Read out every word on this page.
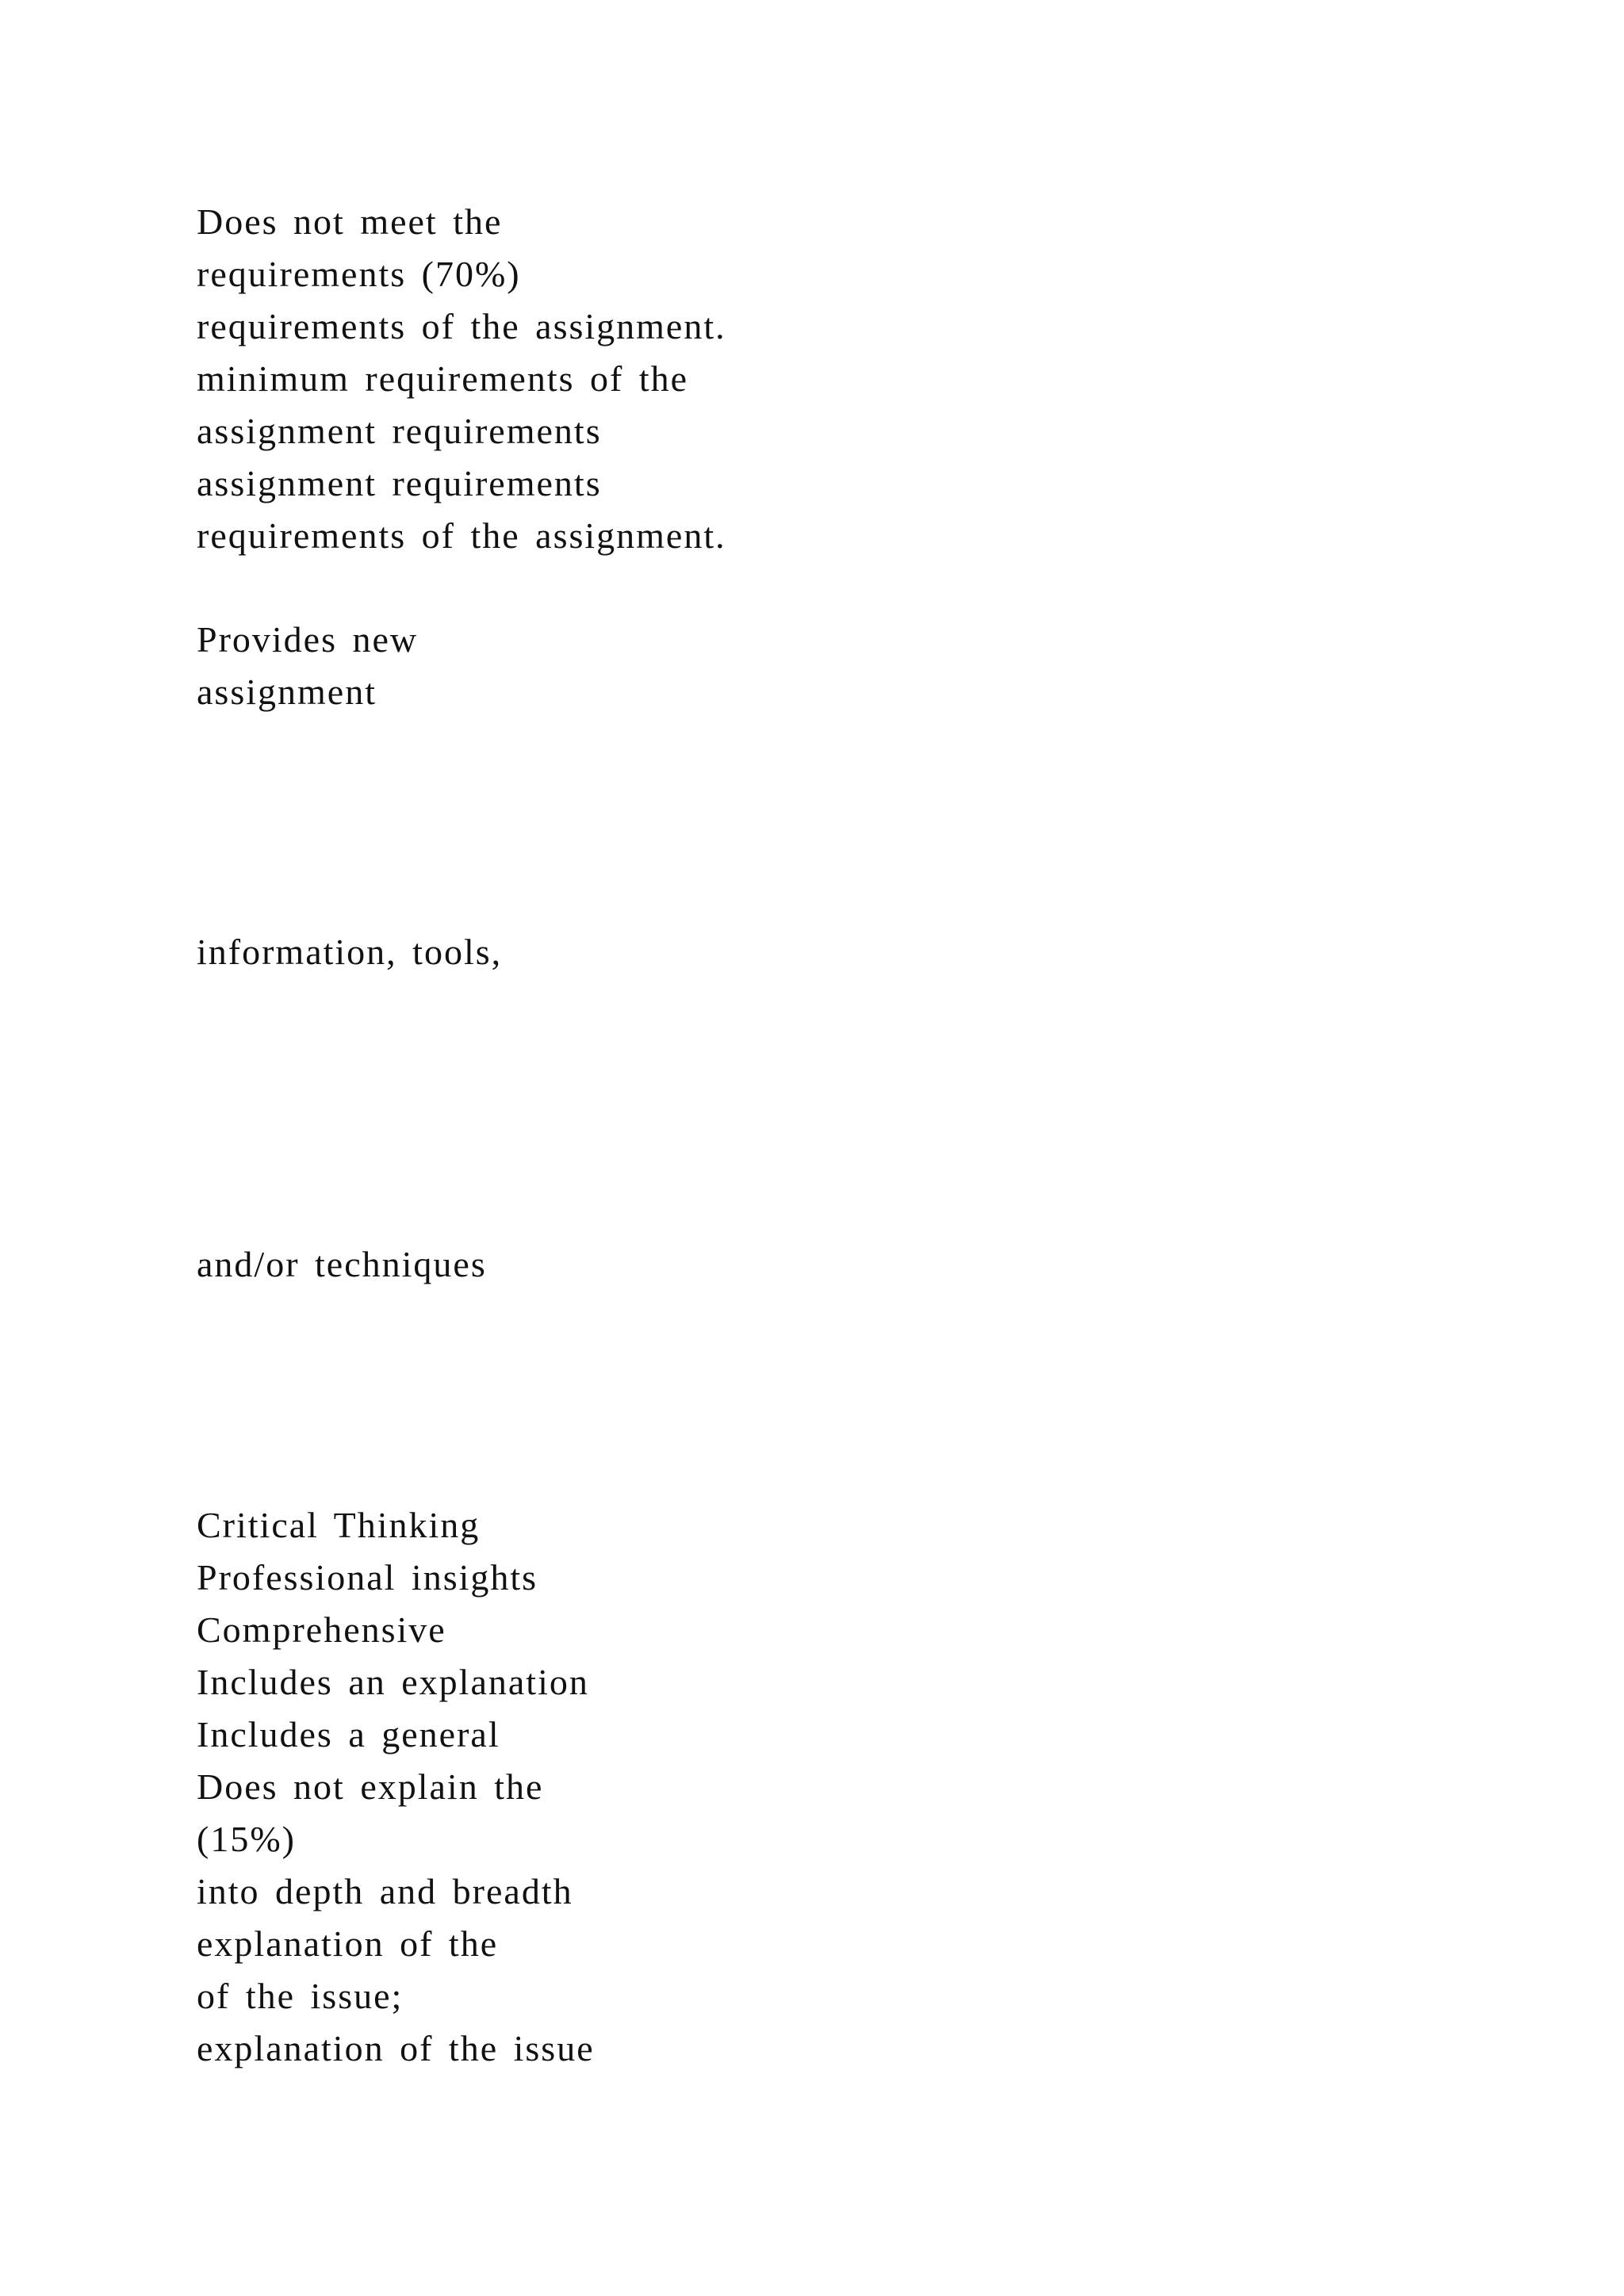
Does not meet the
requirements (70%)
requirements of the assignment.
minimum requirements of the
assignment requirements
assignment requirements
requirements of the assignment.
Provides new
assignment
information, tools,
and/or techniques
Critical Thinking
Professional insights
Comprehensive
Includes an explanation
Includes a general
Does not explain the
(15%)
into depth and breadth
explanation of the
of the issue;
explanation of the issue
